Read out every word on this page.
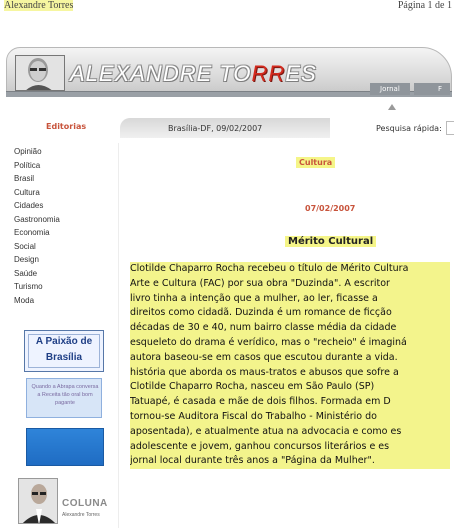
Alexandre Torres	Página 1 de 1
ALEXANDRE TORRES
Jornal	F
Editorias	Brasília-DF, 09/02/2007	Pesquisa rápida:
Opinião
Política
Brasil
Cultura
Cidades
Gastronomia
Economia
Social
Design
Saúde
Turismo
Moda
A Paixão de
Brasília
Quando a Abrapa conversa a Receita tão oral bom pagante
COLUNA
Alexandre Torres
Cultura
07/02/2007
Mérito Cultural
Clotilde Chaparro Rocha recebeu o título de Mérito Cultura
Arte e Cultura (FAC) por sua obra "Duzinda". A escritor
livro tinha a intenção que a mulher, ao ler, ficasse a
direitos como cidadã. Duzinda é um romance de ficção
décadas de 30 e 40, num bairro classe média da cidade
esqueleto do drama é verídico, mas o "recheio" é imaginá
autora baseou-se em casos que escutou durante a vida.
história que aborda os maus-tratos e abusos que sofre a
Clotilde Chaparro Rocha, nasceu em São Paulo (SP)
Tatuapé, é casada e mãe de dois filhos. Formada em D
tornou-se Auditora Fiscal do Trabalho - Ministério do
aposentada), e atualmente atua na advocacia e como es
adolescente e jovem, ganhou concursos literários e es
jornal local durante três anos a "Página da Mulher".
